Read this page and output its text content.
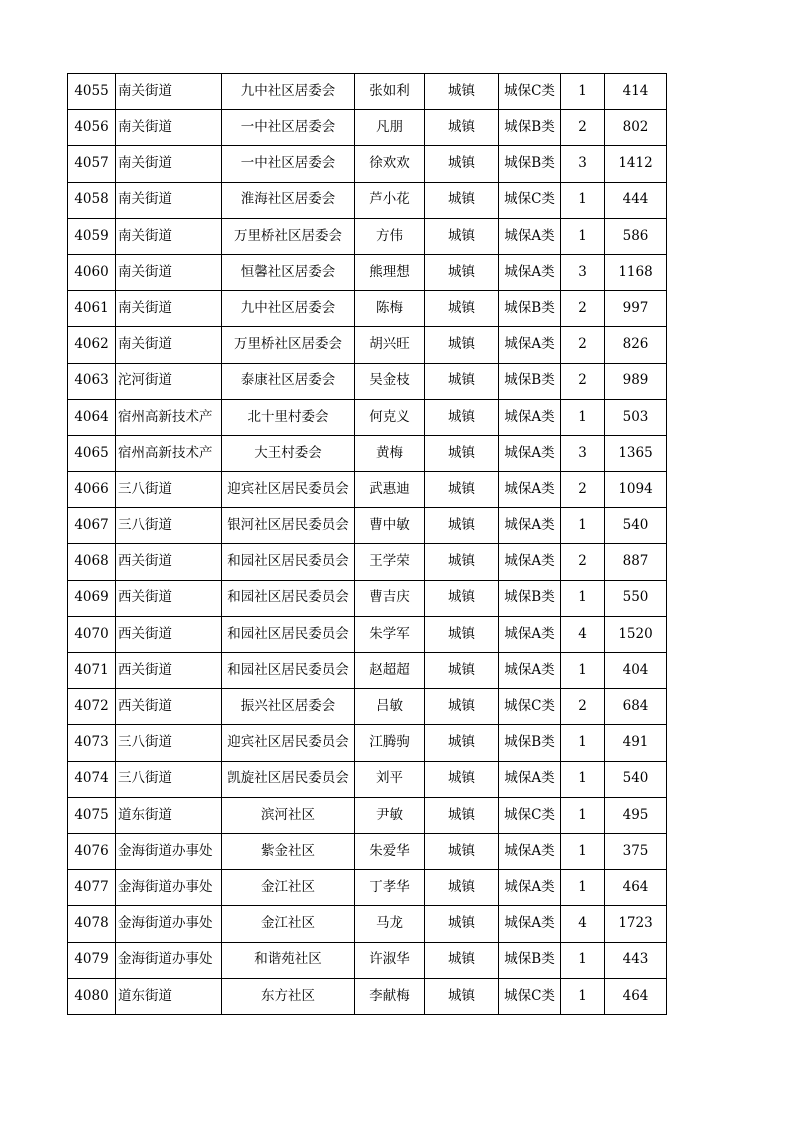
4055	南关街道	九中社区居委会	张如利	城镇	城保C类	1	414
4056	南关街道	一中社区居委会	凡朋	城镇	城保B类	2	802
4057	南关街道	一中社区居委会	徐欢欢	城镇	城保B类	3	1412
4058	南关街道	淮海社区居委会	芦小花	城镇	城保C类	1	444
4059	南关街道	万里桥社区居委会	方伟	城镇	城保A类	1	586
4060	南关街道	恒馨社区居委会	熊理想	城镇	城保A类	3	1168
4061	南关街道	九中社区居委会	陈梅	城镇	城保B类	2	997
4062	南关街道	万里桥社区居委会	胡兴旺	城镇	城保A类	2	826
4063	沱河街道	泰康社区居委会	吴金枝	城镇	城保B类	2	989
4064	宿州高新技术产	北十里村委会	何克义	城镇	城保A类	1	503
4065	宿州高新技术产	大王村委会	黄梅	城镇	城保A类	3	1365
4066	三八街道	迎宾社区居民委员会	武惠迪	城镇	城保A类	2	1094
4067	三八街道	银河社区居民委员会	曹中敏	城镇	城保A类	1	540
4068	西关街道	和园社区居民委员会	王学荣	城镇	城保A类	2	887
4069	西关街道	和园社区居民委员会	曹吉庆	城镇	城保B类	1	550
4070	西关街道	和园社区居民委员会	朱学军	城镇	城保A类	4	1520
4071	西关街道	和园社区居民委员会	赵超超	城镇	城保A类	1	404
4072	西关街道	振兴社区居委会	吕敏	城镇	城保C类	2	684
4073	三八街道	迎宾社区居民委员会	江腾驹	城镇	城保B类	1	491
4074	三八街道	凯旋社区居民委员会	刘平	城镇	城保A类	1	540
4075	道东街道	滨河社区	尹敏	城镇	城保C类	1	495
4076	金海街道办事处	紫金社区	朱爱华	城镇	城保A类	1	375
4077	金海街道办事处	金江社区	丁孝华	城镇	城保A类	1	464
4078	金海街道办事处	金江社区	马龙	城镇	城保A类	4	1723
4079	金海街道办事处	和谐苑社区	许淑华	城镇	城保B类	1	443
4080	道东街道	东方社区	李献梅	城镇	城保C类	1	464
